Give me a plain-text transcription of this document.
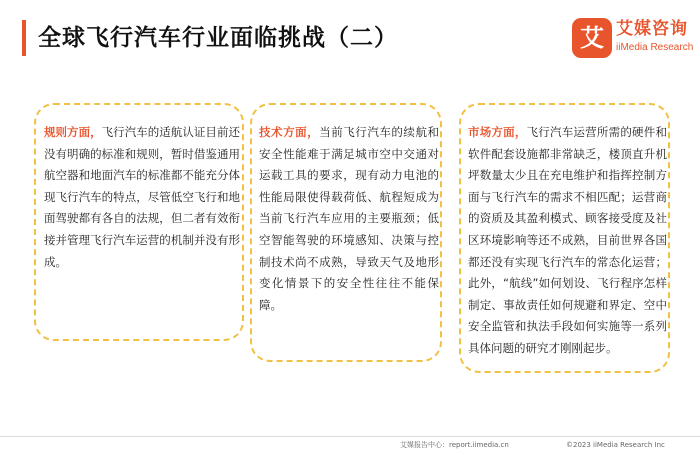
全球飞行汽车行业面临挑战（二）	艾 艾媒咨询
iiMedia Research
规则方面，飞行汽车的适航认证目前还没有明确的标准和规则，暂时借鉴通用航空器和地面汽车的标准都不能充分体现飞行汽车的特点，尽管低空飞行和地面驾驶都有各自的法规，但二者有效衔接并管理飞行汽车运营的机制并没有形成。
技术方面，当前飞行汽车的续航和安全性能难于满足城市空中交通对运载工具的要求，现有动力电池的性能局限使得载荷低、航程短成为当前飞行汽车应用的主要瓶颈；低空智能驾驶的环境感知、决策与控制技术尚不成熟，导致天气及地形变化情景下的安全性往往不能保障。
市场方面，飞行汽车运营所需的硬件和软件配套设施都非常缺乏，楼顶直升机坪数量太少且在充电维护和指挥控制方面与飞行汽车的需求不相匹配；运营商的资质及其盈利模式、顾客接受度及社区环境影响等还不成熟，目前世界各国都还没有实现飞行汽车的常态化运营；此外，“航线”如何划设、飞行程序怎样制定、事故责任如何规避和界定、空中安全监管和执法手段如何实施等一系列具体问题的研究才刚刚起步。
艾媒报告中心：report.iimedia.cn	©2023 iiMedia Research Inc
